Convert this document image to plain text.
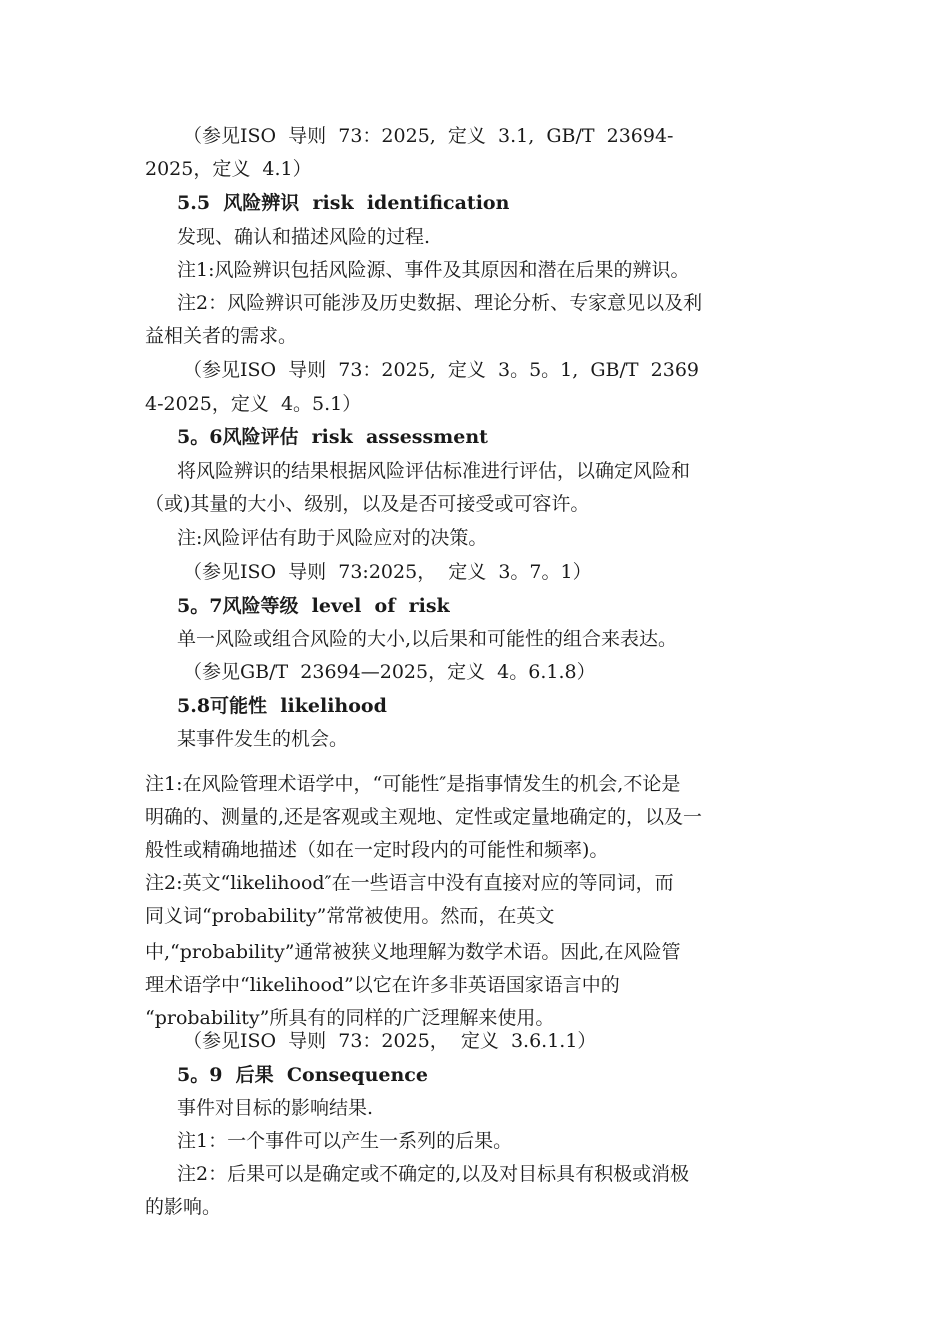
（参见ISO  导则  73：2025,  定义  3.1,  GB/T  23694-

2025，定义  4.1）

5.5  风险辨识  risk  identification

发现、确认和描述风险的过程.

注1:风险辨识包括风险源、事件及其原因和潜在后果的辨识。

注2：风险辨识可能涉及历史数据、理论分析、专家意见以及利

益相关者的需求。

（参见ISO  导则  73：2025,  定义  3。5。1,  GB/T  2369

4-2025，定义  4。5.1）

5。6风险评估  risk  assessment

将风险辨识的结果根据风险评估标准进行评估，以确定风险和

（或)其量的大小、级别，以及是否可接受或可容许。

注:风险评估有助于风险应对的决策。

（参见ISO  导则  73:2025，  定义  3。7。1）

5。7风险等级  level  of  risk

单一风险或组合风险的大小,以后果和可能性的组合来表达。

（参见GB/T  23694—2025，定义  4。6.1.8）

5.8可能性  likelihood

某事件发生的机会。

注1:在风险管理术语学中，“可能性″是指事情发生的机会,不论是

明确的、测量的,还是客观或主观地、定性或定量地确定的，以及一

般性或精确地描述（如在一定时段内的可能性和频率)。

注2:英文“likelihood″在一些语言中没有直接对应的等同词，而

同义词“probability”常常被使用。然而，在英文

中,“probability”通常被狭义地理解为数学术语。因此,在风险管

理术语学中“likelihood”以它在许多非英语国家语言中的

“probability”所具有的同样的广泛理解来使用。

（参见ISO  导则  73：2025，  定义  3.6.1.1）

5。9  后果  Consequence

事件对目标的影响结果.

注1：一个事件可以产生一系列的后果。

注2：后果可以是确定或不确定的,以及对目标具有积极或消极

的影响。
